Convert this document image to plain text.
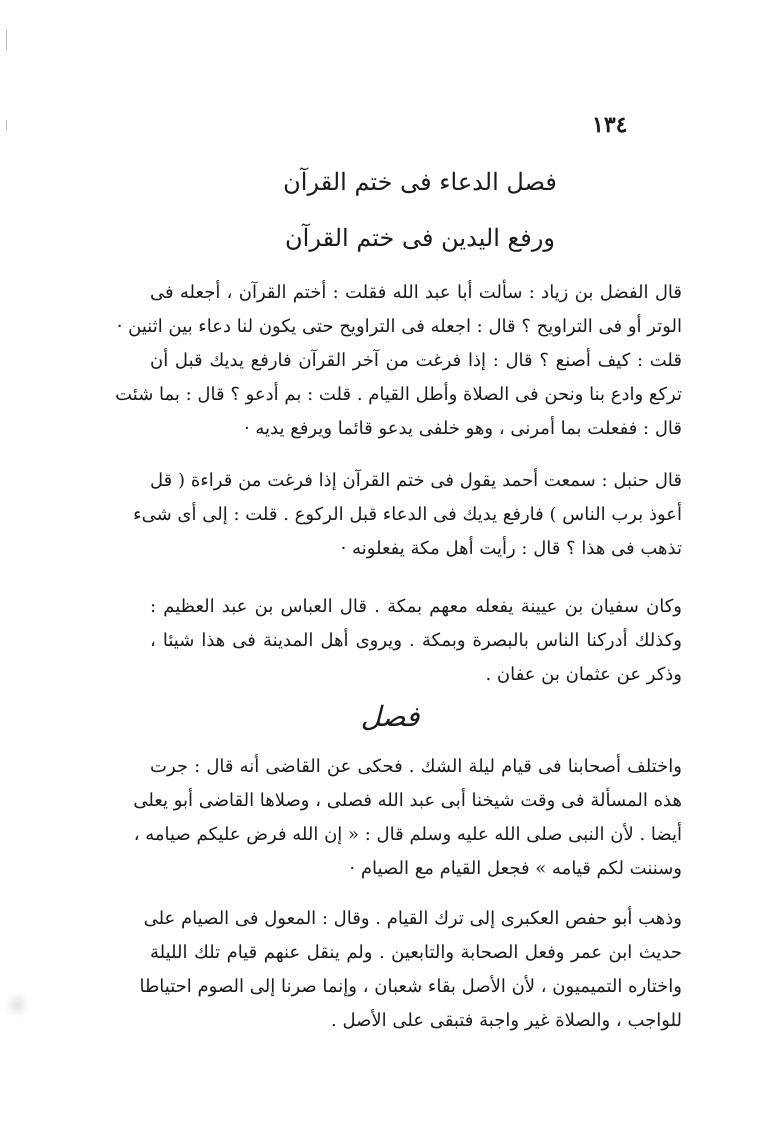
١٣٤
فصل الدعاء فى ختم القرآن
ورفع اليدين فى ختم القرآن
قال الفضل بن زياد : سألت أبا عبد الله فقلت : أختم القرآن ، أجعله فى
الوتر أو فى التراويح ؟ قال : اجعله فى التراويح حتى يكون لنا دعاء بين اثنين ·
قلت : كيف أصنع ؟ قال : إذا فرغت من آخر القرآن فارفع يديك قبل أن
تركع وادع بنا ونحن فى الصلاة وأطل القيام . قلت : بم أدعو ؟ قال : بما شئت
قال : ففعلت بما أمرنى ، وهو خلفى يدعو قائما ويرفع يديه ·
قال حنبل : سمعت أحمد يقول فى ختم القرآن إذا فرغت من قراءة ( قل
أعوذ برب الناس ) فارفع يديك فى الدعاء قبل الركوع . قلت : إلى أى شىء
تذهب فى هذا ؟ قال : رأيت أهل مكة يفعلونه ·
وكان سفيان بن عيينة يفعله معهم بمكة . قال العباس بن عبد العظيم :
وكذلك أدركنا الناس بالبصرة وبمكة . ويروى أهل المدينة فى هذا شيئا ،
وذكر عن عثمان بن عفان .
فصل
واختلف أصحابنا فى قيام ليلة الشك . فحكى عن القاضى أنه قال : جرت
هذه المسألة فى وقت شيخنا أبى عبد الله فصلى ، وصلاها القاضى أبو يعلى
أيضا . لأن النبى صلى الله عليه وسلم قال : « إن الله فرض عليكم صيامه ،
وسننت لكم قيامه » فجعل القيام مع الصيام ·
وذهب أبو حفص العكبرى إلى ترك القيام . وقال : المعول فى الصيام على
حديث ابن عمر وفعل الصحابة والتابعين . ولم ينقل عنهم قيام تلك الليلة
واختاره التميميون ، لأن الأصل بقاء شعبان ، وإنما صرنا إلى الصوم احتياطا
للواجب ، والصلاة غير واجبة فتبقى على الأصل .
